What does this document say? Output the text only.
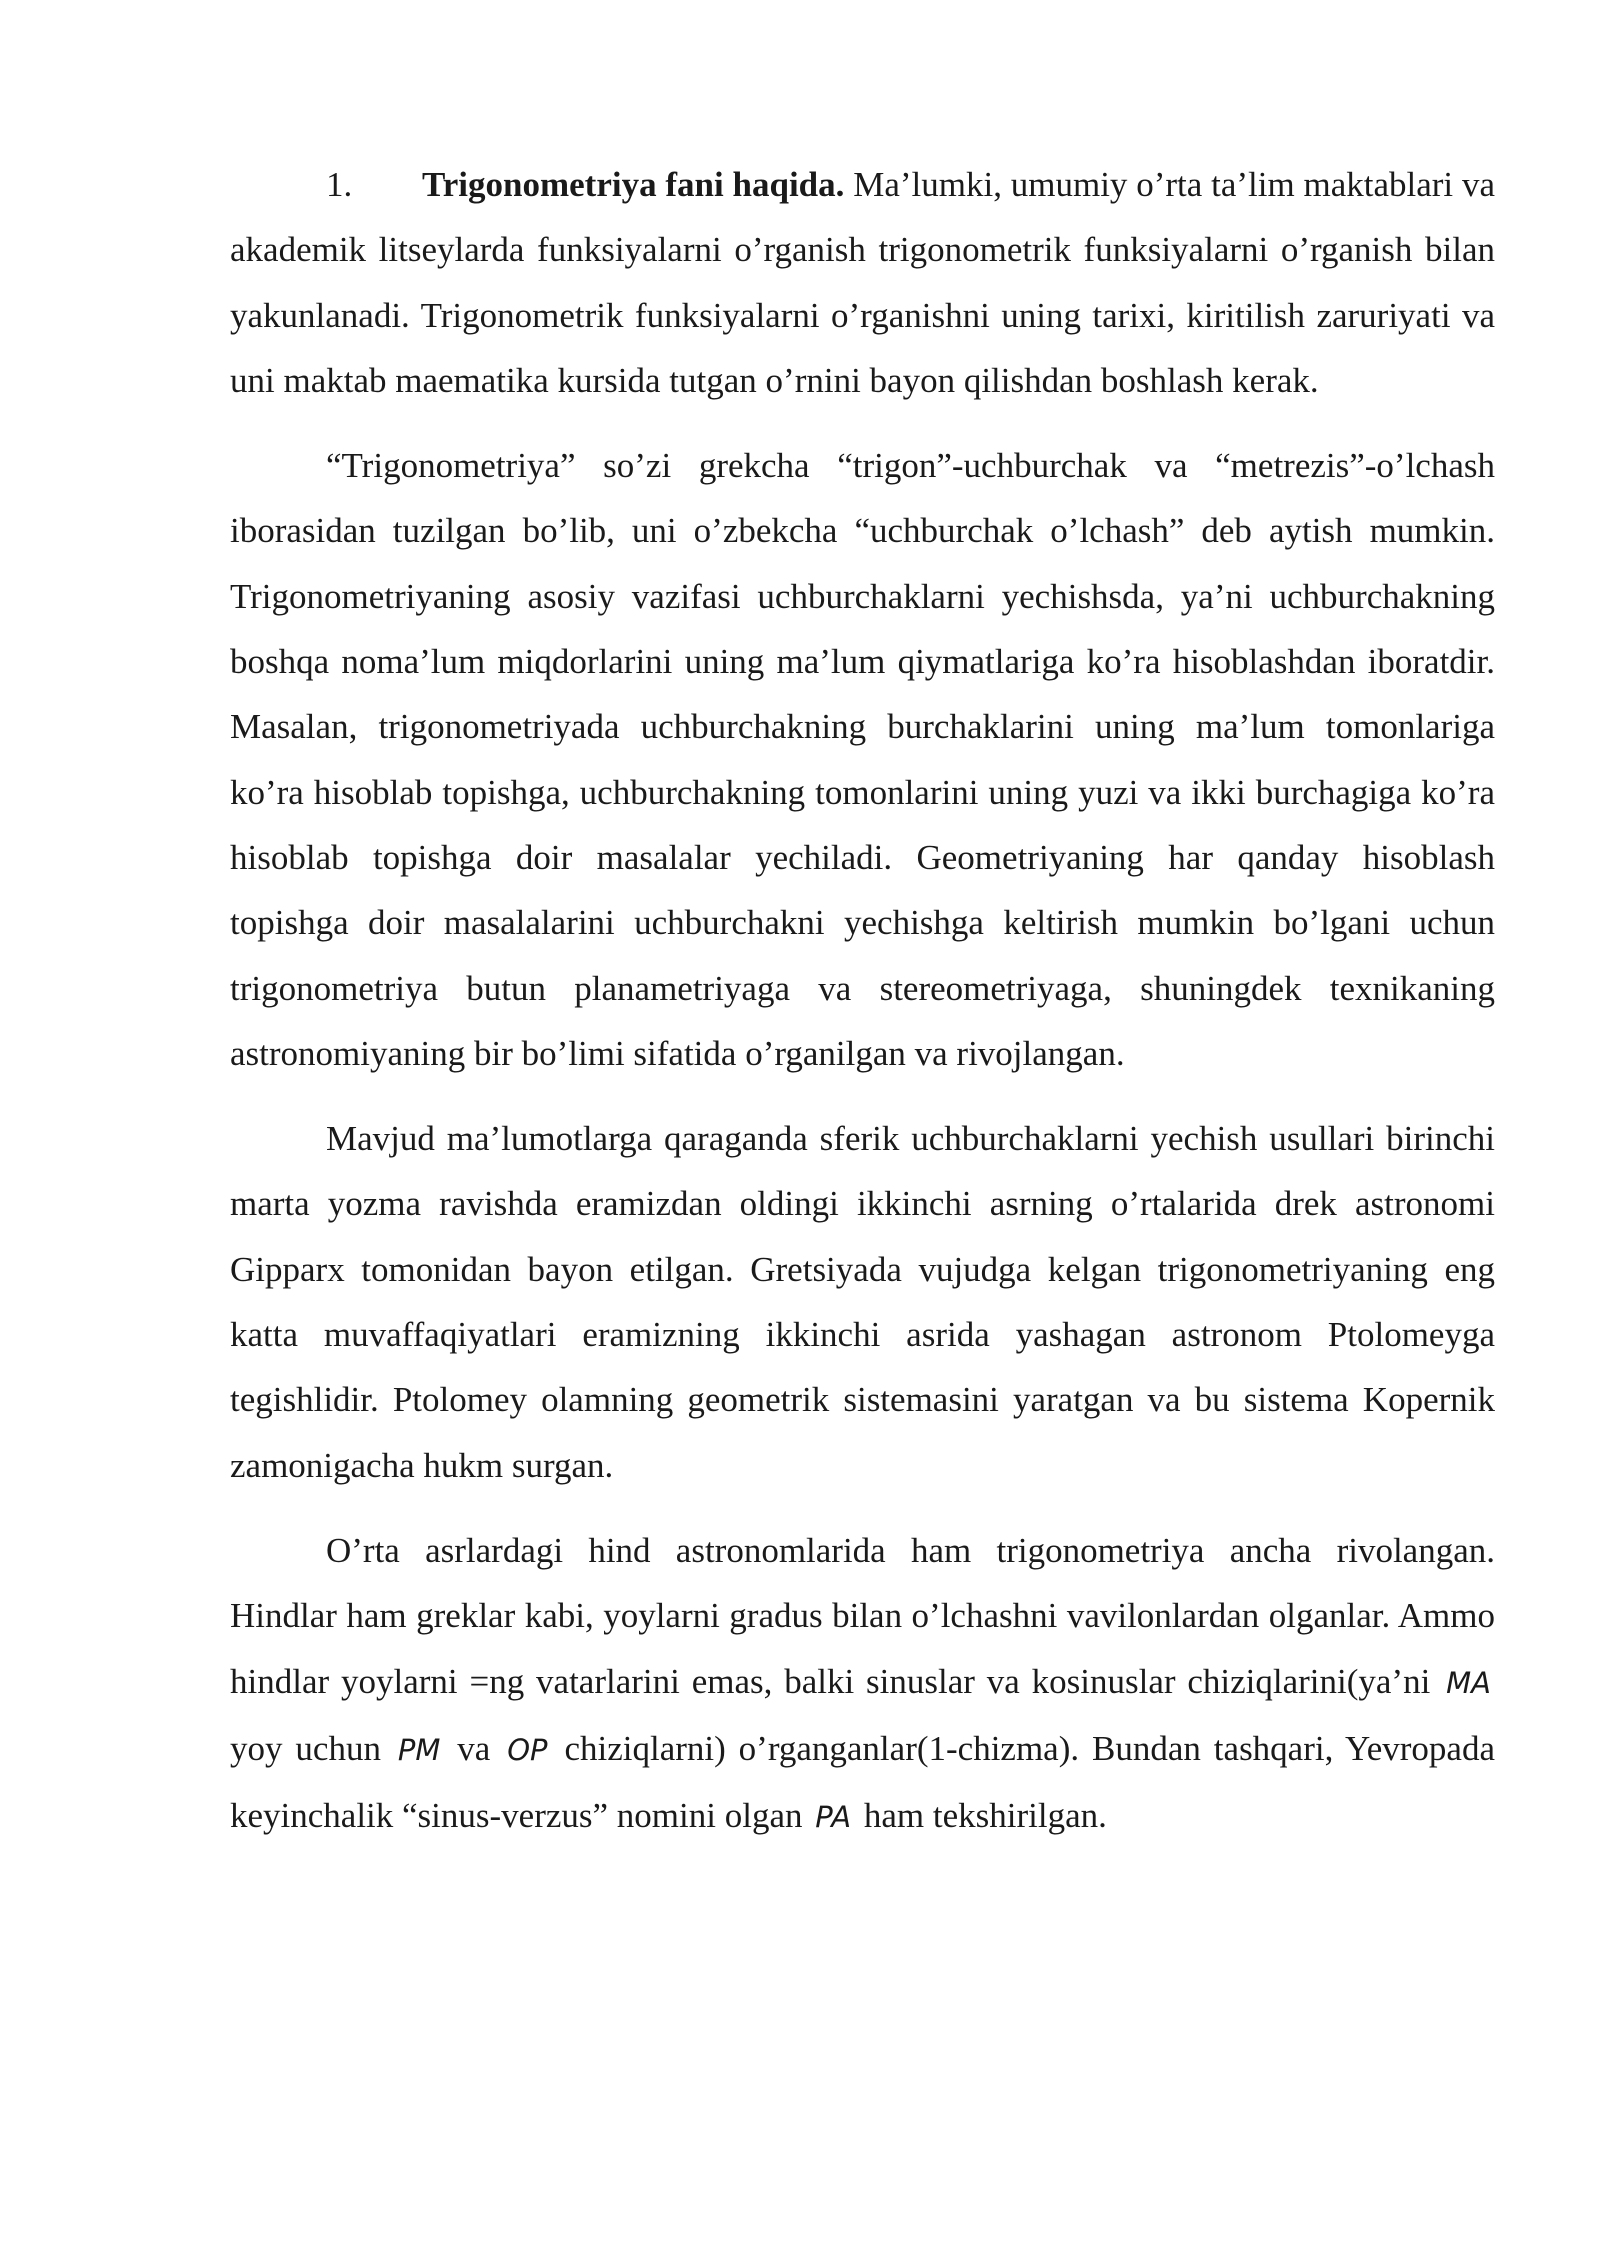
1. Trigonometriya fani haqida. Ma’lumki, umumiy o’rta ta’lim maktablari va akademik litseylarda funksiyalarni o’rganish trigonometrik funksiyalarni o’rganish bilan yakunlanadi. Trigonometrik funksiyalarni o’rganishni uning tarixi, kiritilish zaruriyati va uni maktab maematika kursida tutgan o’rnini bayon qilishdan boshlash kerak.

“Trigonometriya” so’zi grekcha “trigon”-uchburchak va “metrezis”-o’lchash iborasidan tuzilgan bo’lib, uni o’zbekcha “uchburchak o’lchash” deb aytish mumkin. Trigonometriyaning asosiy vazifasi uchburchaklarni yechishsda, ya’ni uchburchakning boshqa noma’lum miqdorlarini uning ma’lum qiymatlariga ko’ra hisoblashdan iboratdir. Masalan, trigonometriyada uchburchakning burchaklarini uning ma’lum tomonlariga ko’ra hisoblab topishga, uchburchakning tomonlarini uning yuzi va ikki burchagiga ko’ra hisoblab topishga doir masalalar yechiladi. Geometriyaning har qanday hisoblash topishga doir masalalarini uchburchakni yechishga keltirish mumkin bo’lgani uchun trigonometriya butun planametriyaga va stereometriyaga, shuningdek texnikaning astronomiyaning bir bo’limi sifatida o’rganilgan va rivojlangan.

Mavjud ma’lumotlarga qaraganda sferik uchburchaklarni yechish usullari birinchi marta yozma ravishda eramizdan oldingi ikkinchi asrning o’rtalarida drek astronomi Gipparx tomonidan bayon etilgan. Gretsiyada vujudga kelgan trigonometriyaning eng katta muvaffaqiyatlari eramizning ikkinchi asrida yashagan astronom Ptolomeyga tegishlidir. Ptolomey olamning geometrik sistemasini yaratgan va bu sistema Kopernik zamonigacha hukm surgan.

O’rta asrlardagi hind astronomlarida ham trigonometriya ancha rivolangan. Hindlar ham greklar kabi, yoylarni gradus bilan o’lchashni vavilonlardan olganlar. Ammo hindlar yoylarni =ng vatarlarini emas, balki sinuslar va kosinuslar chiziqlarini(ya’ni MA yoy uchun PM va OP chiziqlarni) o’rganganlar(1-chizma). Bundan tashqari, Yevropada keyinchalik “sinus-verzus” nomini olgan PA ham tekshirilgan.
